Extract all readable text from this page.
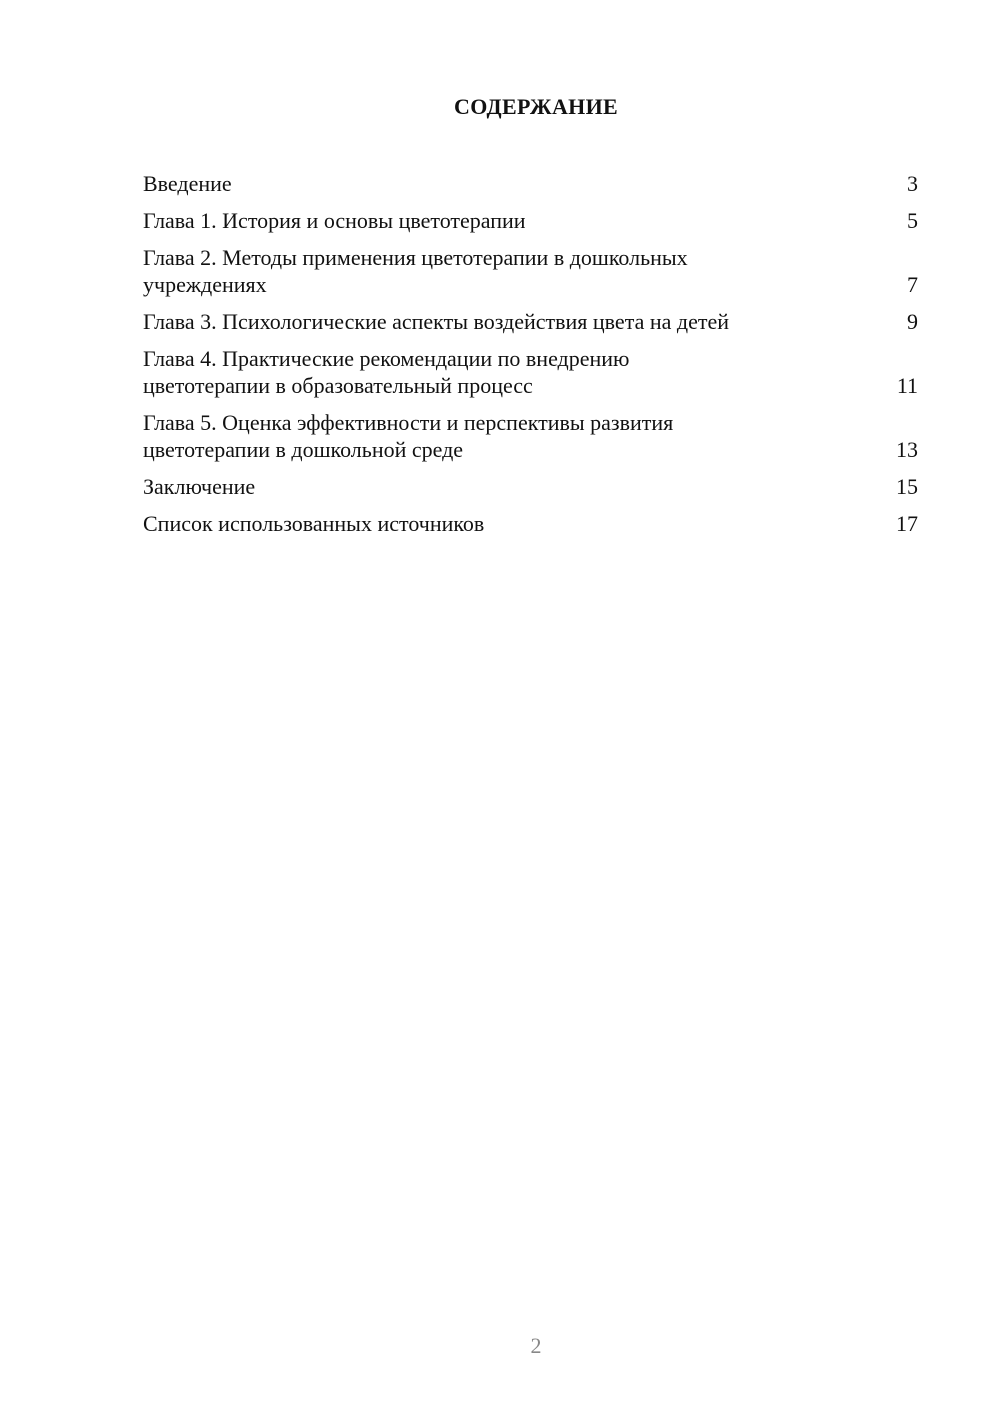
СОДЕРЖАНИЕ
Введение	3
Глава 1. История и основы цветотерапии	5
Глава 2. Методы применения цветотерапии в дошкольных учреждениях	7
Глава 3. Психологические аспекты воздействия цвета на детей	9
Глава 4. Практические рекомендации по внедрению цветотерапии в образовательный процесс	11
Глава 5. Оценка эффективности и перспективы развития цветотерапии в дошкольной среде	13
Заключение	15
Список использованных источников	17
2
